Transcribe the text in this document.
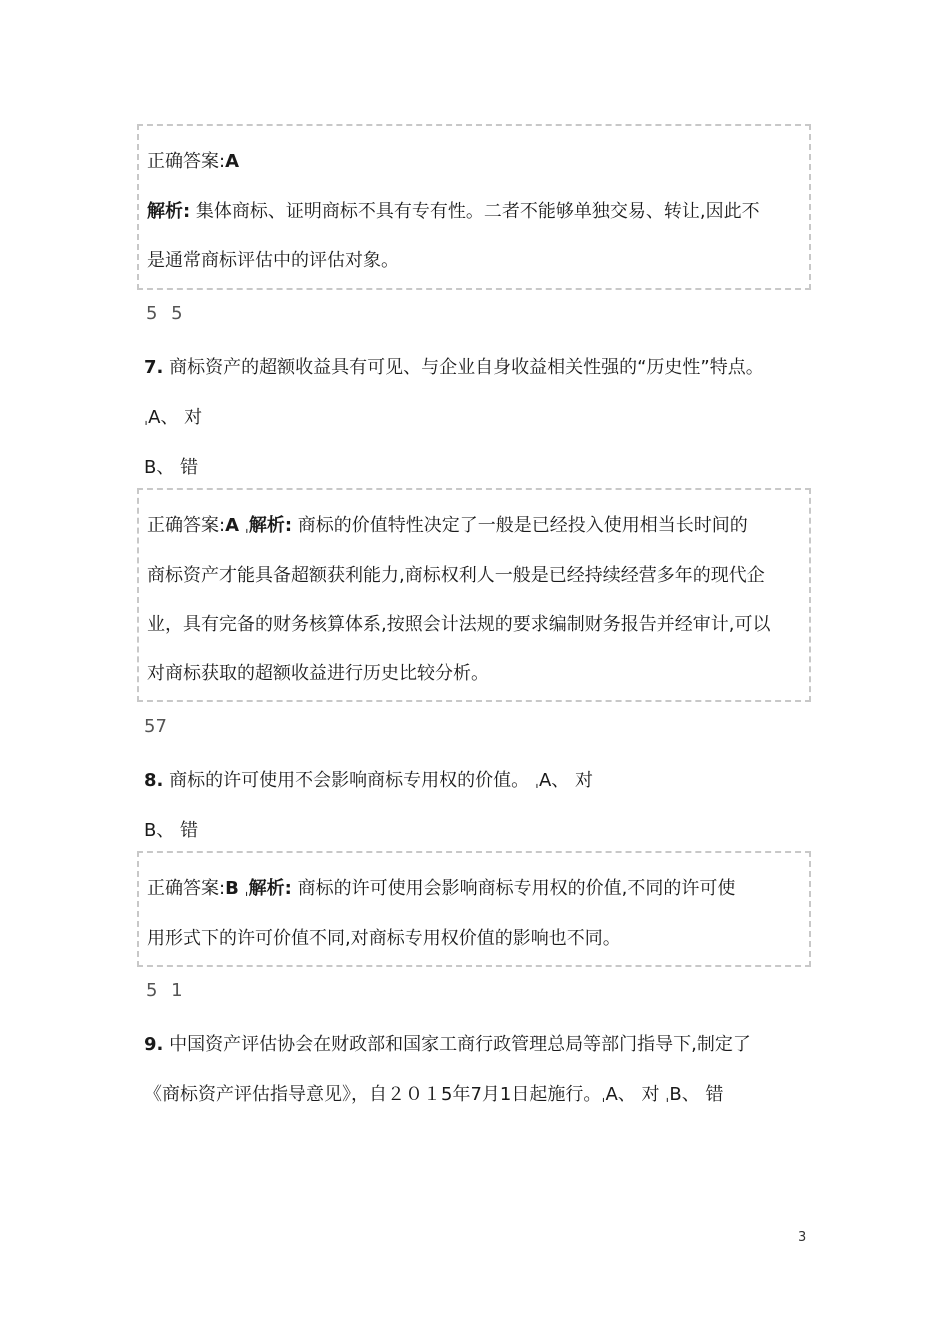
正确答案:A
解析: 集体商标、证明商标不具有专有性。二者不能够单独交易、转让,因此不
是通常商标评估中的评估对象。
5 5
7. 商标资产的超额收益具有可见、与企业自身收益相关性强的“历史性”特点。
ˌA、 对
B、 错
正确答案:A ˌ解析: 商标的价值特性决定了一般是已经投入使用相当长时间的
商标资产才能具备超额获利能力,商标权利人一般是已经持续经营多年的现代企
业，具有完备的财务核算体系,按照会计法规的要求编制财务报告并经审计,可以
对商标获取的超额收益进行历史比较分析。
57
8. 商标的许可使用不会影响商标专用权的价值。 ˌA、 对
B、 错
正确答案:B ˌ解析: 商标的许可使用会影响商标专用权的价值,不同的许可使
用形式下的许可价值不同,对商标专用权价值的影响也不同。
5 1
9. 中国资产评估协会在财政部和国家工商行政管理总局等部门指导下,制定了
《商标资产评估指导意见》，自２０１5年7月1日起施行。ˌA、 对 ˌB、 错
3
